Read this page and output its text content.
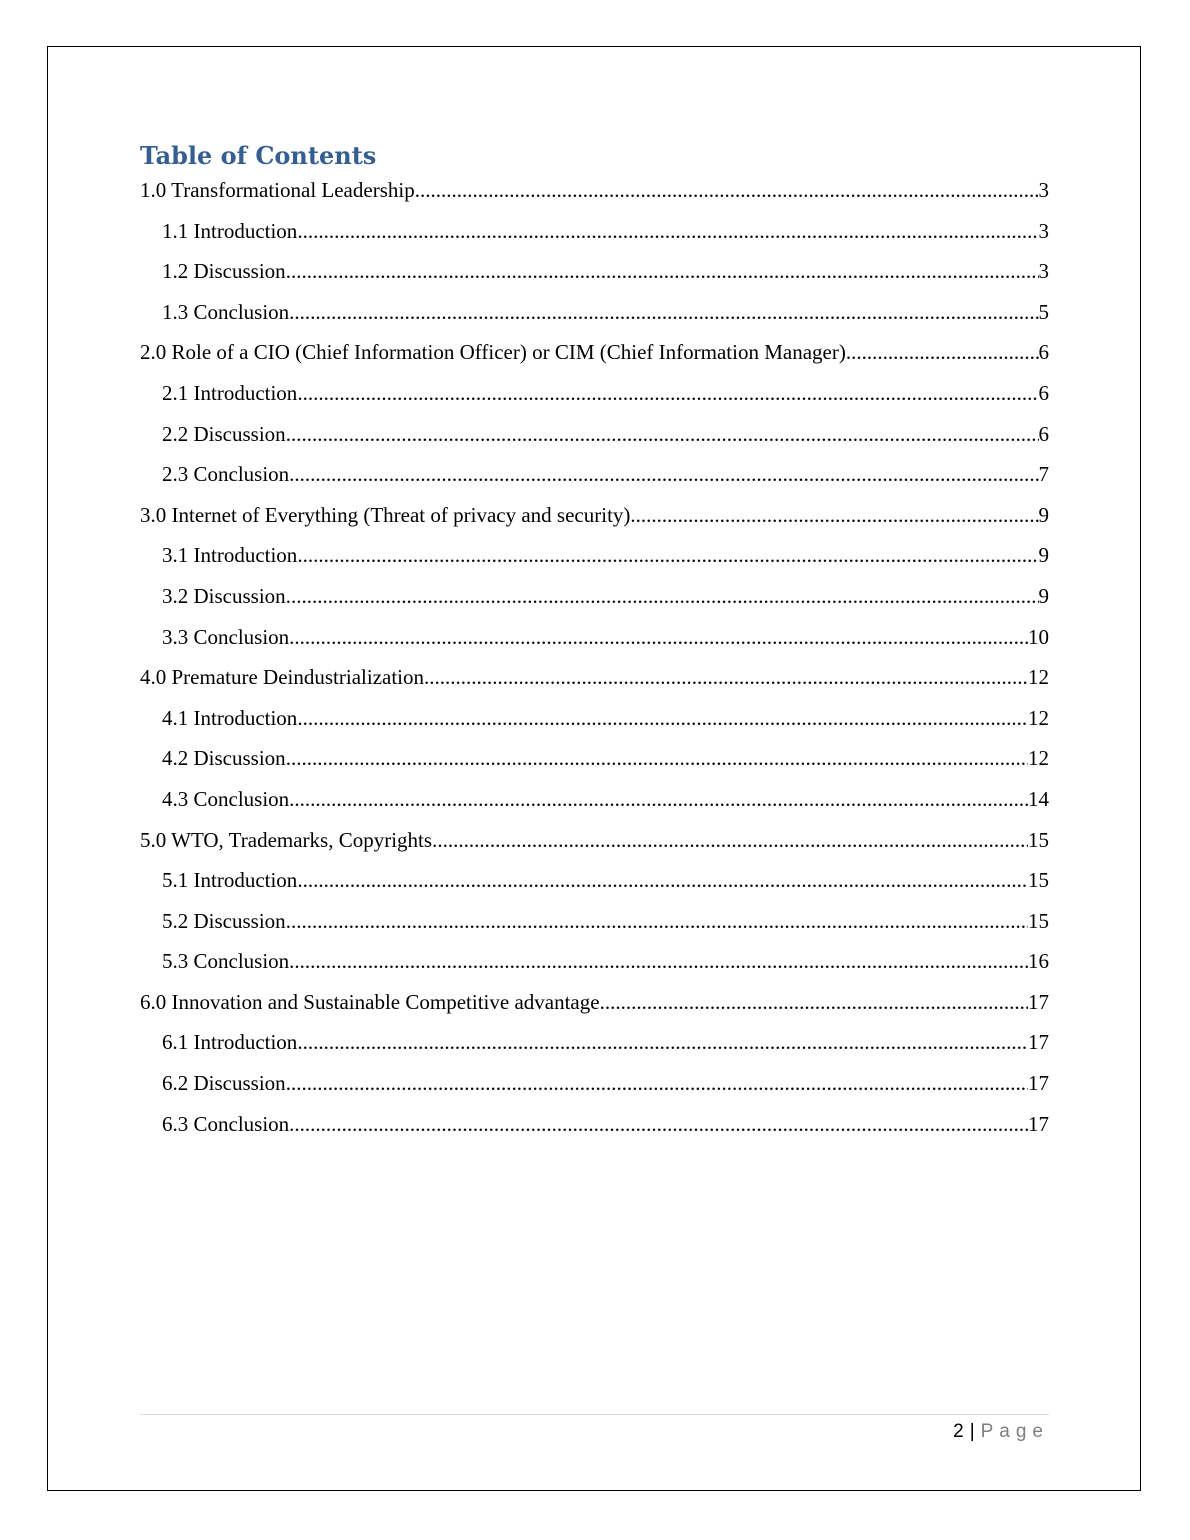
Table of Contents
1.0 Transformational Leadership .....	3
1.1 Introduction .....	3
1.2 Discussion .....	3
1.3 Conclusion .....	5
2.0 Role of a CIO (Chief Information Officer) or CIM (Chief Information Manager) .....	6
2.1 Introduction .....	6
2.2 Discussion .....	6
2.3 Conclusion .....	7
3.0 Internet of Everything (Threat of privacy and security) .....	9
3.1 Introduction .....	9
3.2 Discussion .....	9
3.3 Conclusion .....	10
4.0 Premature Deindustrialization .....	12
4.1 Introduction .....	12
4.2 Discussion .....	12
4.3 Conclusion .....	14
5.0 WTO, Trademarks, Copyrights .....	15
5.1 Introduction .....	15
5.2 Discussion .....	15
5.3 Conclusion .....	16
6.0 Innovation and Sustainable Competitive advantage .....	17
6.1 Introduction .....	17
6.2 Discussion .....	17
6.3 Conclusion .....	17
2 | Page
